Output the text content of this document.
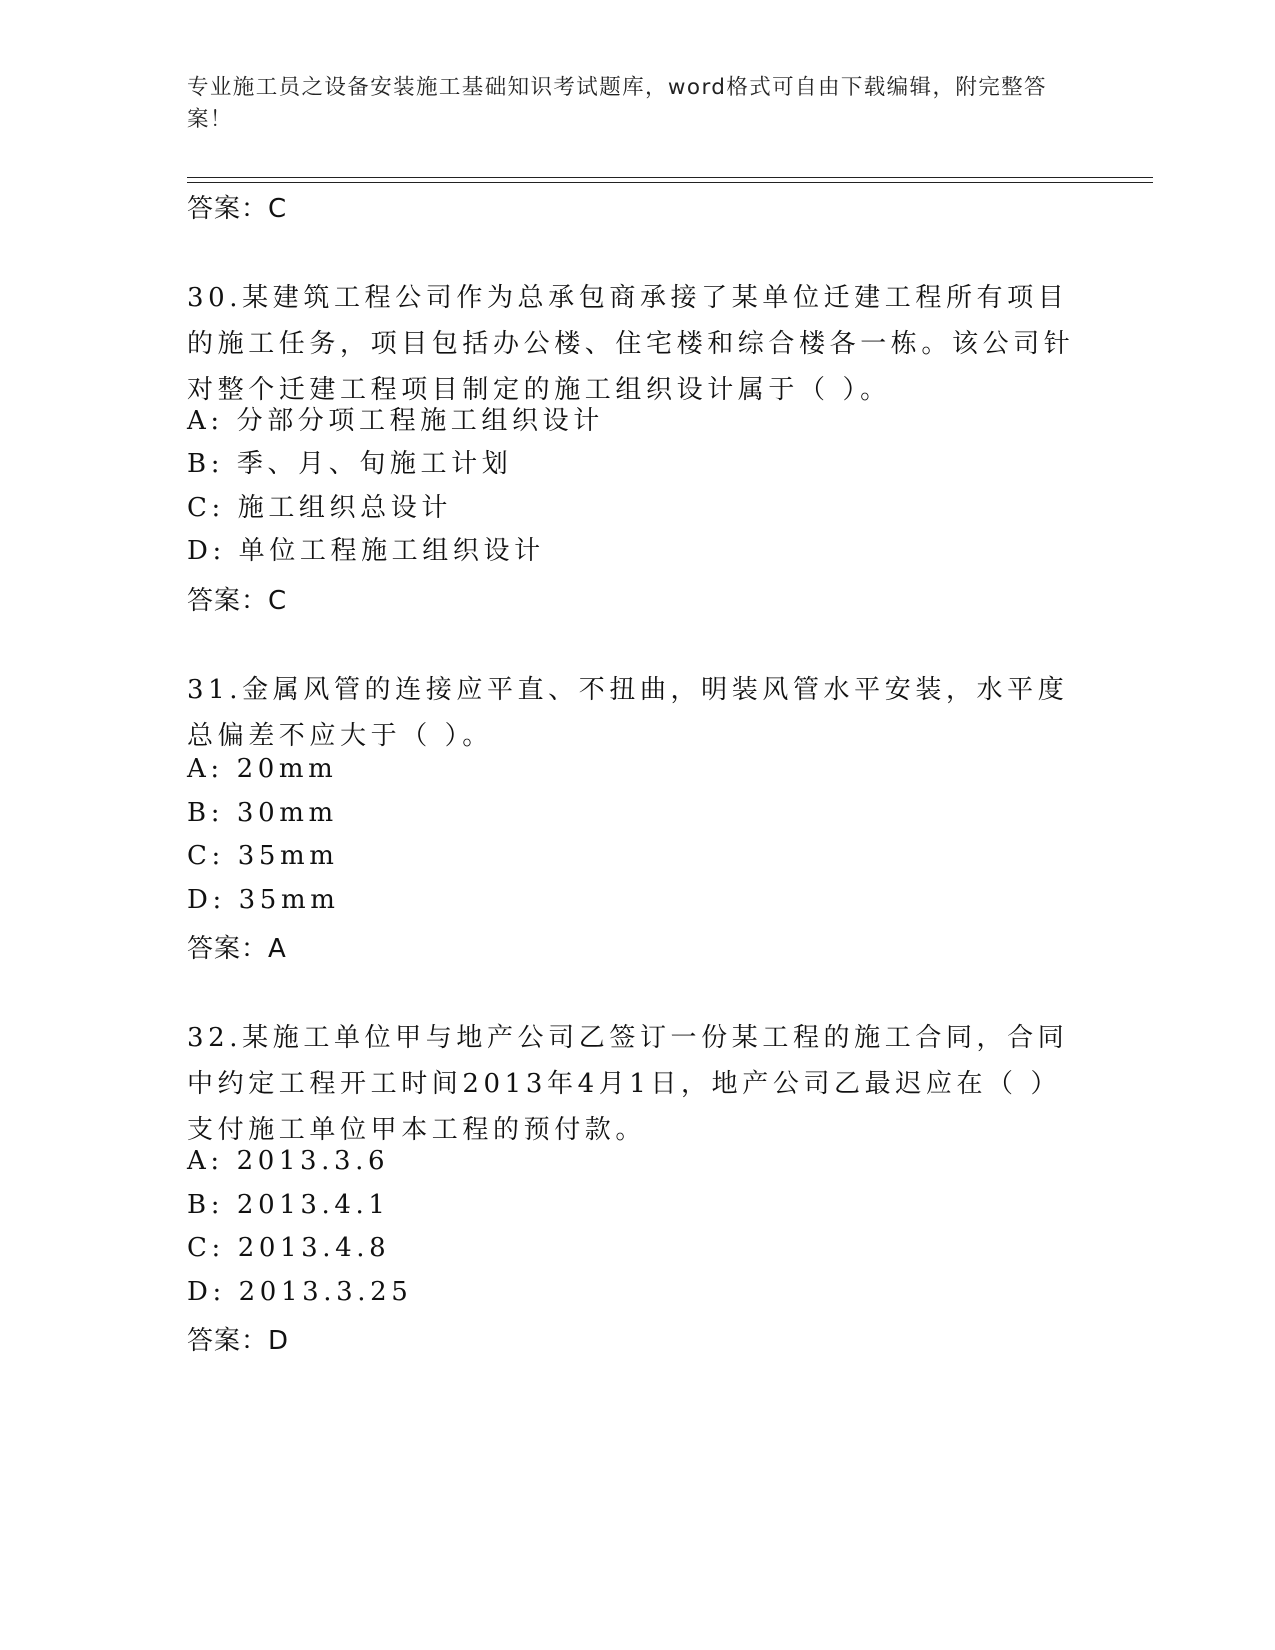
专业施工员之设备安装施工基础知识考试题库，word格式可自由下载编辑，附完整答案！
答案：C
30.某建筑工程公司作为总承包商承接了某单位迁建工程所有项目的施工任务，项目包括办公楼、住宅楼和综合楼各一栋。该公司针对整个迁建工程项目制定的施工组织设计属于（ ）。
A: 分部分项工程施工组织设计
B: 季、月、旬施工计划
C: 施工组织总设计
D: 单位工程施工组织设计
答案：C
31.金属风管的连接应平直、不扭曲，明装风管水平安装，水平度总偏差不应大于（ ）。
A: 20mm
B: 30mm
C: 35mm
D: 35mm
答案：A
32.某施工单位甲与地产公司乙签订一份某工程的施工合同，合同中约定工程开工时间2013年4月1日，地产公司乙最迟应在（ ）支付施工单位甲本工程的预付款。
A: 2013.3.6
B: 2013.4.1
C: 2013.4.8
D: 2013.3.25
答案：D
